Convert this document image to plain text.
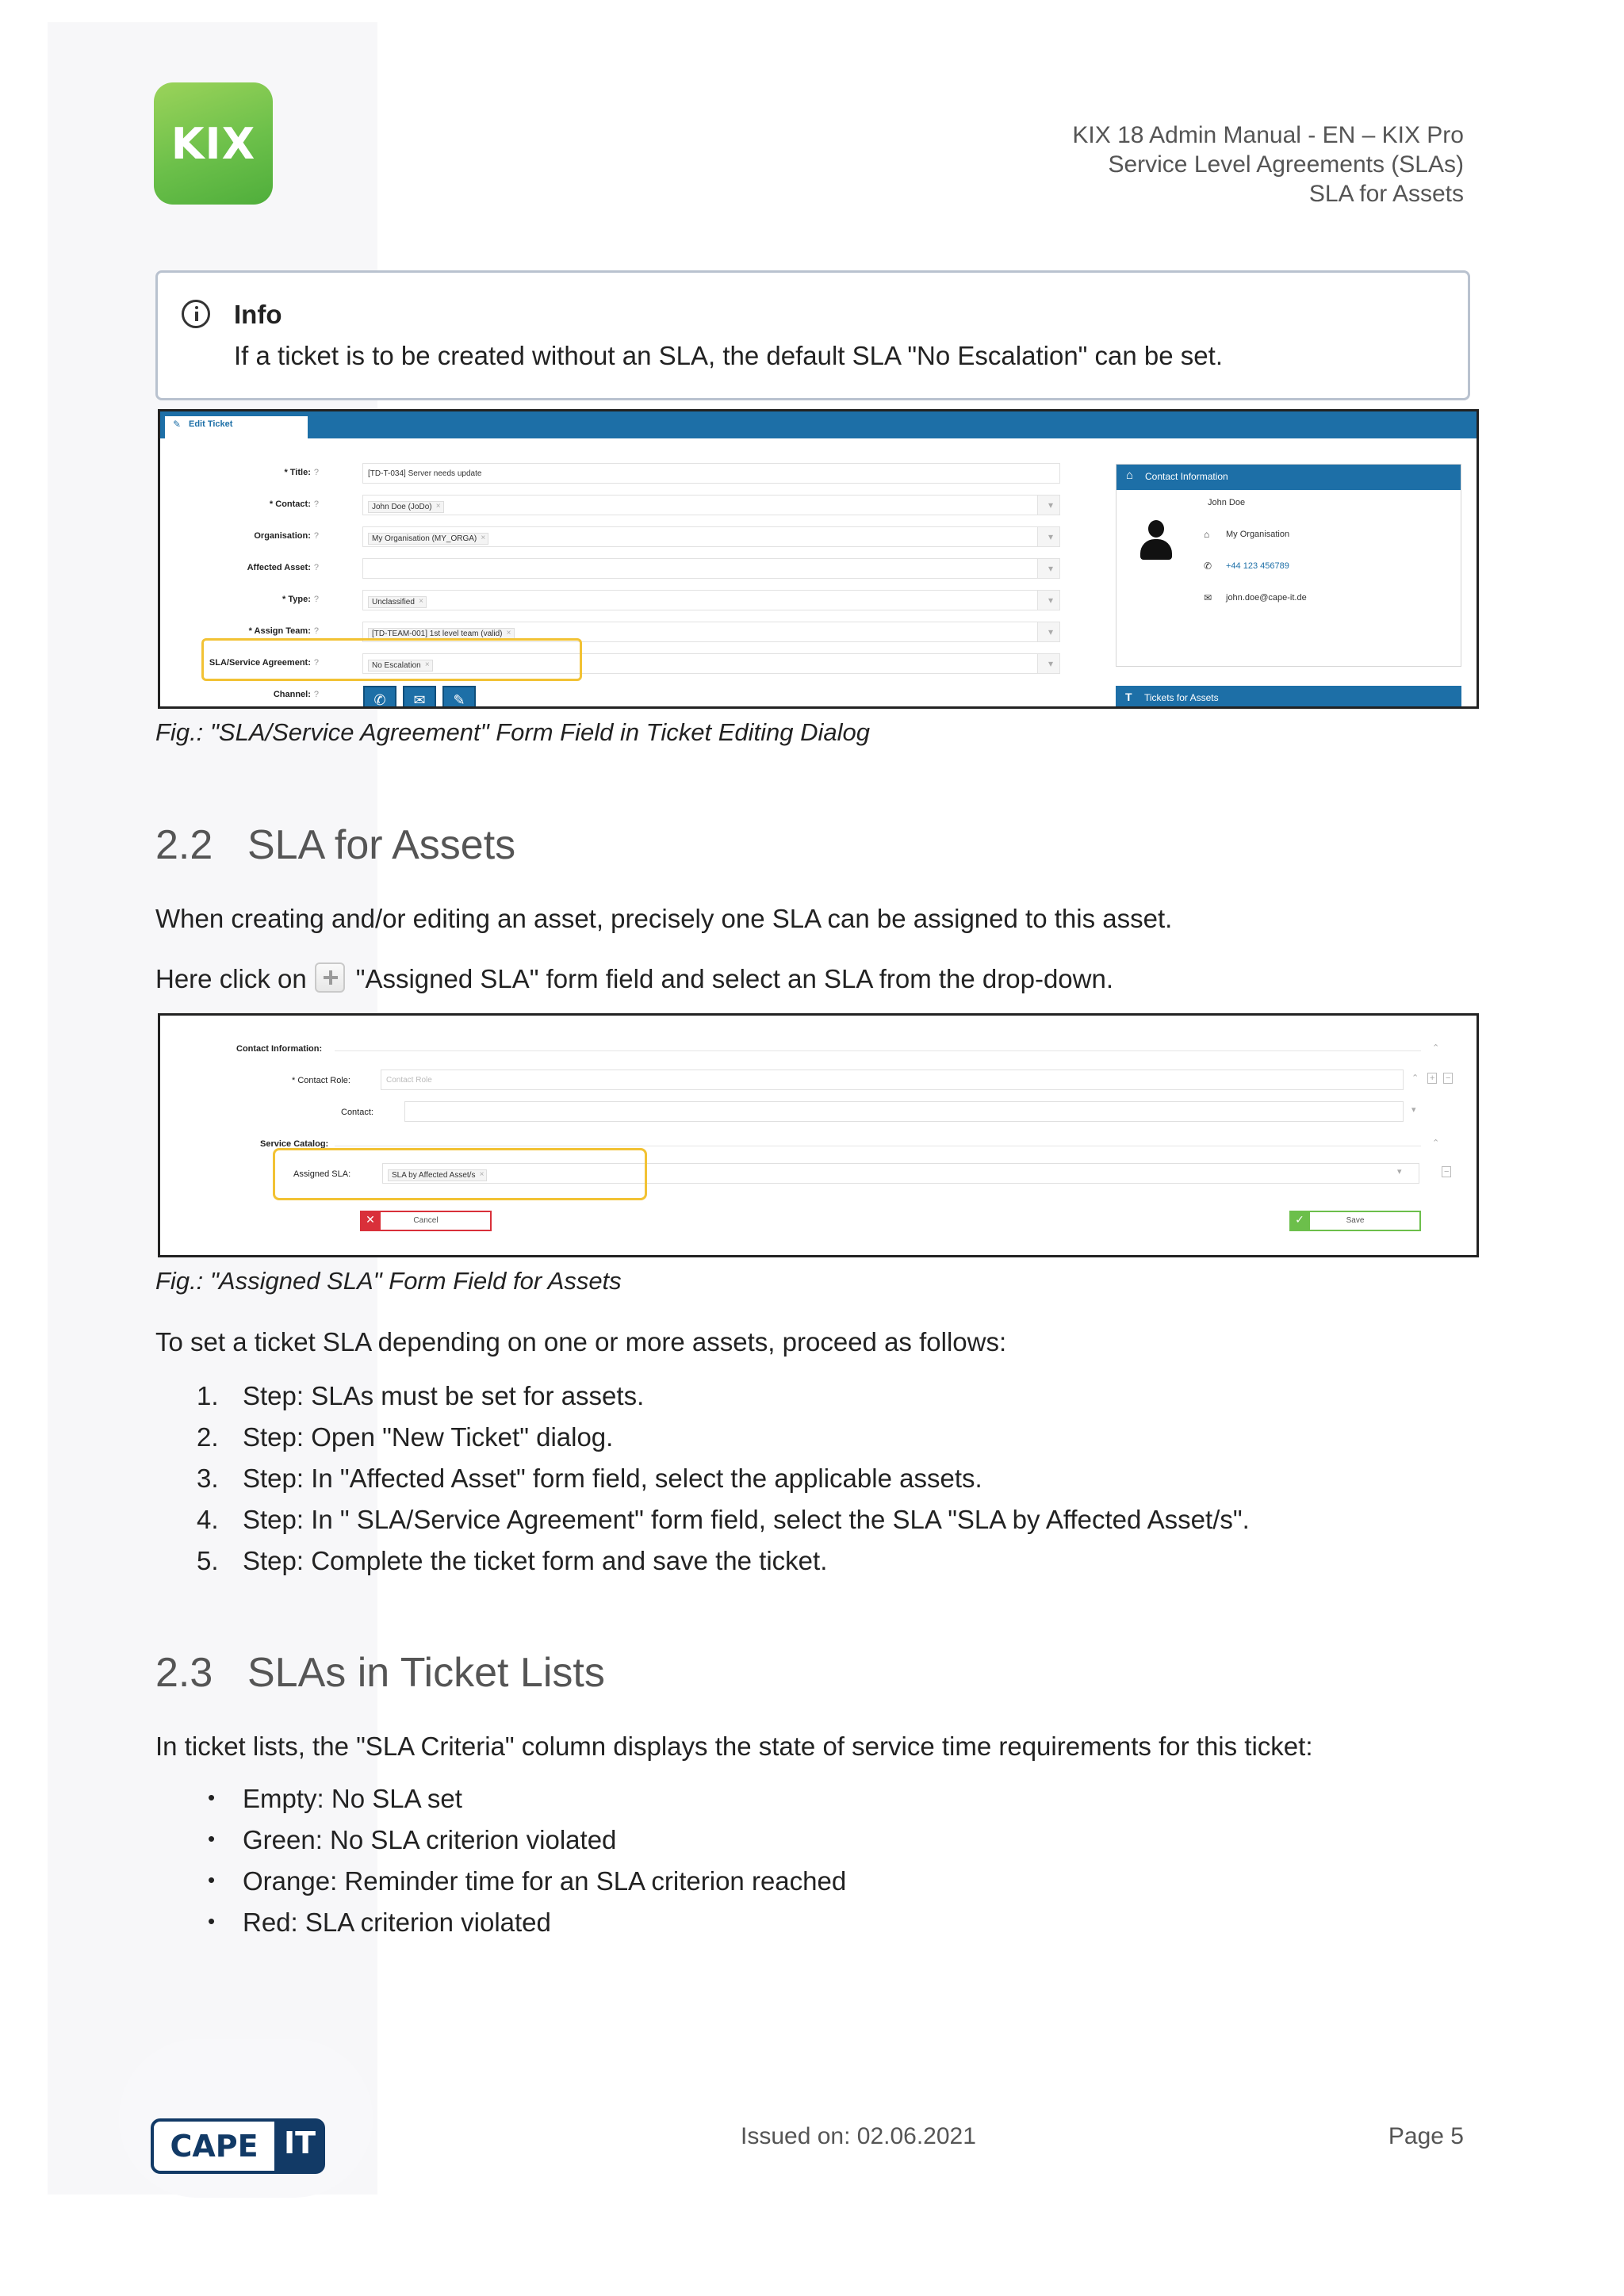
KIX	KIX 18 Admin Manual - EN – KIX Pro
Service Level Agreements (SLAs)
SLA for Assets
Info
If a ticket is to be created without an SLA, the default SLA "No Escalation" can be set.
✎ Edit Ticket
* Title: ?	[TD-T-034] Server needs update
* Contact: ?	John Doe (JoDo) ×
▾
Organisation: ?	My Organisation (MY_ORGA) ×
▾
Affected Asset: ?
▾
* Type: ?	Unclassified ×
▾
* Assign Team: ?	[TD-TEAM-001] 1st level team (valid) ×
▾
SLA/Service Agreement: ?	No Escalation ×
▾
Channel: ?	✆	✉	✎
⌂ Contact Information
John Doe
My Organisation
⌂
+44 123 456789
✆
john.doe@cape-it.de
✉
T Tickets for Assets
Fig.: "SLA/Service Agreement" Form Field in Ticket Editing Dialog
2.2 SLA for Assets
When creating and/or editing an asset, precisely one SLA can be assigned to this asset.
Here click on "Assigned SLA" form field and select an SLA from the drop-down.
Contact Information:	⌃
* Contact Role:	Contact Role	⌃ + −
Contact:	▾
Service Catalog:	⌃
Assigned SLA:	SLA by Affected Asset/s ×	▾	−
✕	Cancel	✓	Save
Fig.: "Assigned SLA" Form Field for Assets
To set a ticket SLA depending on one or more assets, proceed as follows:
1. Step: SLAs must be set for assets.
2. Step: Open "New Ticket" dialog.
3. Step: In "Affected Asset" form field, select the applicable assets.
4. Step: In " SLA/Service Agreement" form field, select the SLA "SLA by Affected Asset/s".
5. Step: Complete the ticket form and save the ticket.
2.3 SLAs in Ticket Lists
In ticket lists, the "SLA Criteria" column displays the state of service time requirements for this ticket:
• Empty: No SLA set
• Green: No SLA criterion violated
• Orange: Reminder time for an SLA criterion reached
• Red: SLA criterion violated
CAPE IT	Issued on: 02.06.2021	Page 5
